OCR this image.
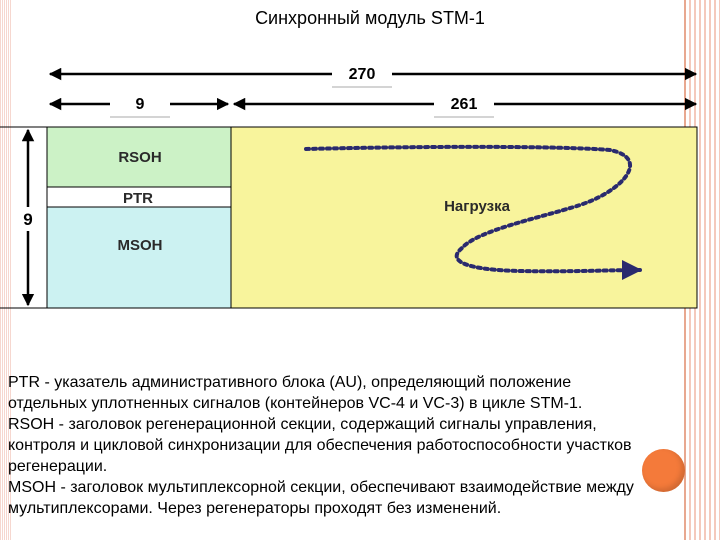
Синхронный модуль STM-1
270
9	261
9
RSOH
PTR
MSOH
Нагрузка

PTR - указатель административного блока (AU), определяющий положение

отдельных уплотненных сигналов (контейнеров VC-4 и VC-3) в цикле STM-1.

RSOH - заголовок регенерационной секции, содержащий сигналы управления,

контроля и цикловой синхронизации для обеспечения работоспособности участков

регенерации.

MSOH - заголовок мультиплексорной секции, обеспечивают взаимодействие между

мультиплексорами. Через регенераторы проходят без изменений.
